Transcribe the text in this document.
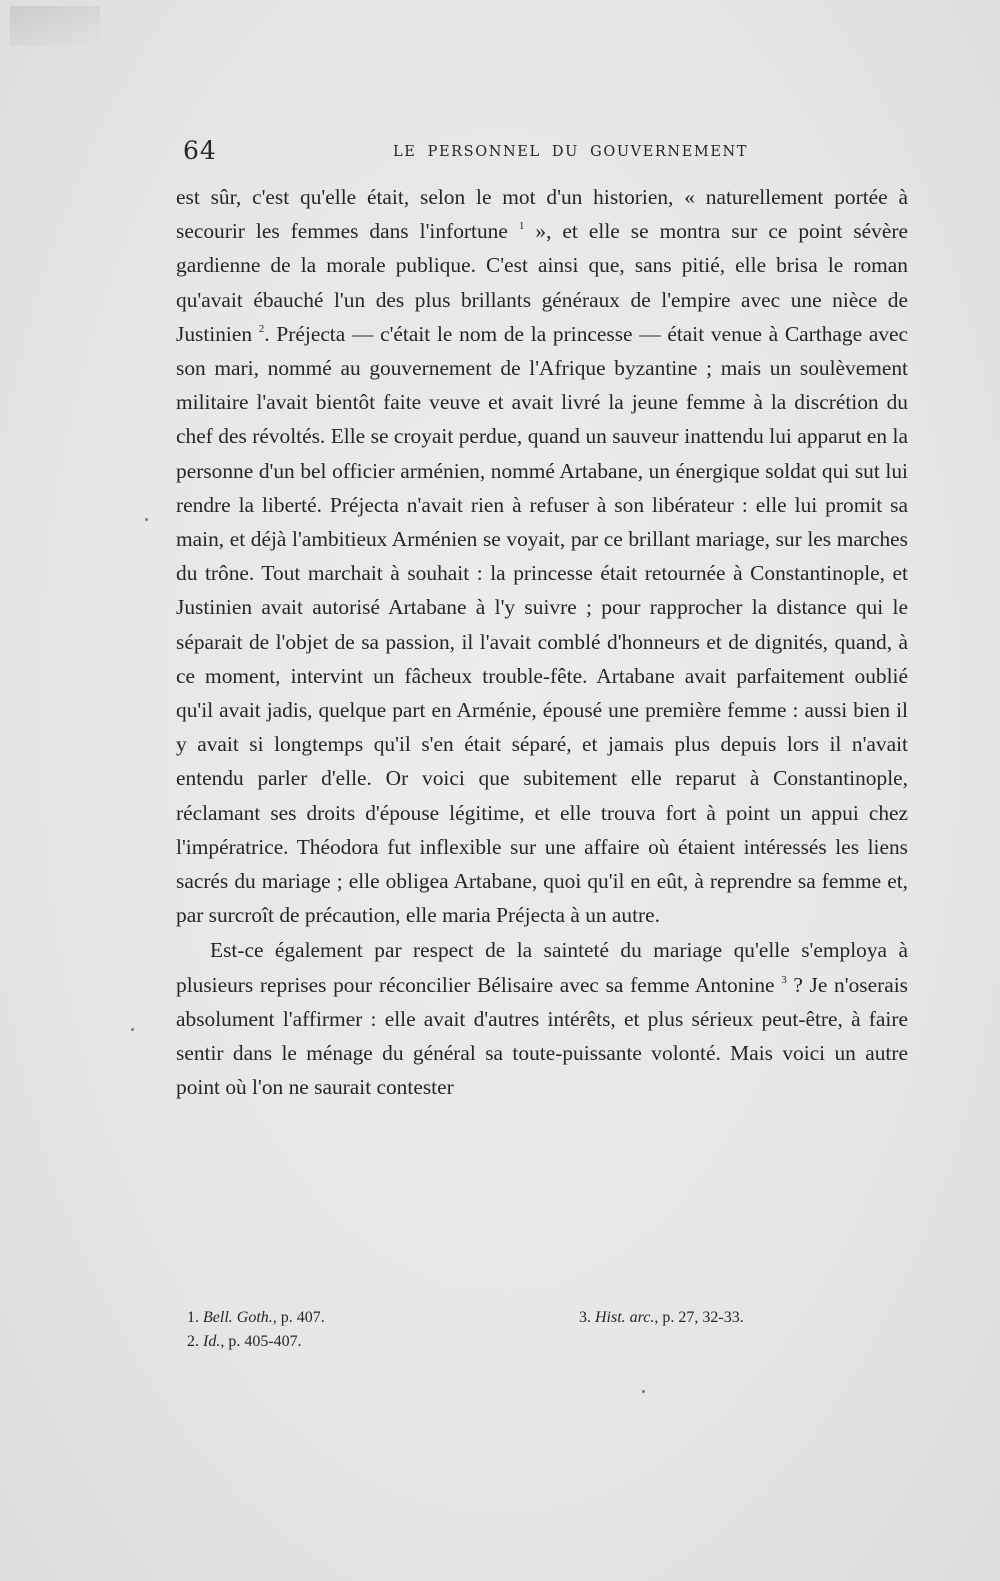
64	LE PERSONNEL DU GOUVERNEMENT

est sûr, c'est qu'elle était, selon le mot d'un historien, « naturellement portée à secourir les femmes dans l'infortune $^1$ », et elle se montra sur ce point sévère gardienne de la morale publique. C'est ainsi que, sans pitié, elle brisa le roman qu'avait ébauché l'un des plus brillants généraux de l'empire avec une nièce de Justinien $^2$. Préjecta — c'était le nom de la princesse — était venue à Carthage avec son mari, nommé au gouvernement de l'Afrique byzantine ; mais un soulèvement militaire l'avait bientôt faite veuve et avait livré la jeune femme à la discrétion du chef des révoltés. Elle se croyait perdue, quand un sauveur inattendu lui apparut en la personne d'un bel officier arménien, nommé Artabane, un énergique soldat qui sut lui rendre la liberté. Préjecta n'avait rien à refuser à son libérateur : elle lui promit sa main, et déjà l'ambitieux Arménien se voyait, par ce brillant mariage, sur les marches du trône. Tout marchait à souhait : la princesse était retournée à Constantinople, et Justinien avait autorisé Artabane à l'y suivre ; pour rapprocher la distance qui le séparait de l'objet de sa passion, il l'avait comblé d'honneurs et de dignités, quand, à ce moment, intervint un fâcheux trouble-fête. Artabane avait parfaitement oublié qu'il avait jadis, quelque part en Arménie, épousé une première femme : aussi bien il y avait si longtemps qu'il s'en était séparé, et jamais plus depuis lors il n'avait entendu parler d'elle. Or voici que subitement elle reparut à Constantinople, réclamant ses droits d'épouse légitime, et elle trouva fort à point un appui chez l'impératrice. Théodora fut inflexible sur une affaire où étaient intéressés les liens sacrés du mariage ; elle obligea Artabane, quoi qu'il en eût, à reprendre sa femme et, par surcroît de précaution, elle maria Préjecta à un autre.

Est-ce également par respect de la sainteté du mariage qu'elle s'employa à plusieurs reprises pour réconcilier Bélisaire avec sa femme Antonine $^3$ ? Je n'oserais absolument l'affirmer : elle avait d'autres intérêts, et plus sérieux peut-être, à faire sentir dans le ménage du général sa toute-puissante volonté. Mais voici un autre point où l'on ne saurait contester

1. Bell. Goth., p. 407.
2. Id., p. 405-407.
3. Hist. arc., p. 27, 32-33.
